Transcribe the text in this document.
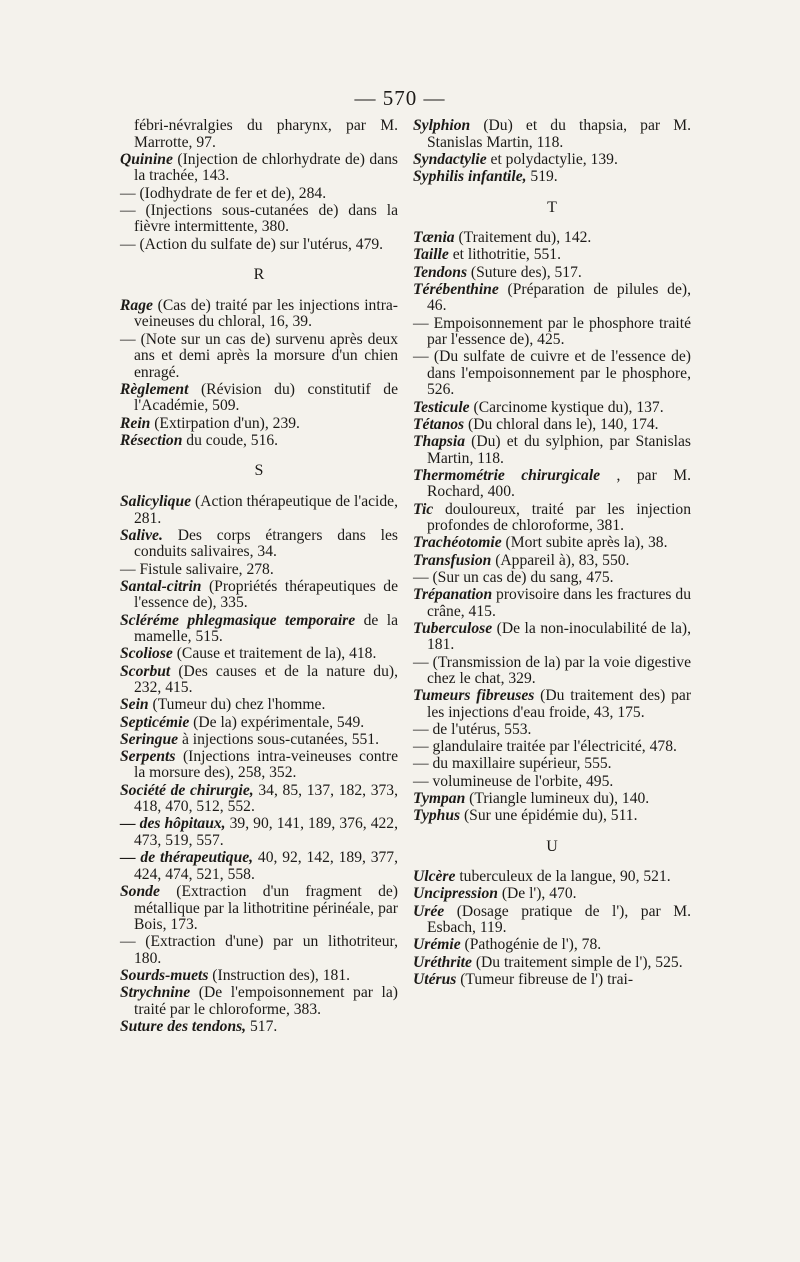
— 570 —
fébri-névralgies du pharynx, par M. Marrotte, 97.
Quinine (Injection de chlorhydrate de) dans la trachée, 143.
— (Iodhydrate de fer et de), 284.
— (Injections sous-cutanées de) dans la fièvre intermittente, 380.
— (Action du sulfate de) sur l'utérus, 479.
R
Rage (Cas de) traité par les injections intra-veineuses du chloral, 16, 39.
— (Note sur un cas de) survenu après deux ans et demi après la morsure d'un chien enragé.
Règlement (Révision du) constitutif de l'Académie, 509.
Rein (Extirpation d'un), 239.
Résection du coude, 516.
S
Salicylique (Action thérapeutique de l'acide, 281.
Salive. Des corps étrangers dans les conduits salivaires, 34.
— Fistule salivaire, 278.
Santal-citrin (Propriétés thérapeutiques de l'essence de), 335.
Scléréme phlegmasique temporaire de la mamelle, 515.
Scoliose (Cause et traitement de la), 418.
Scorbut (Des causes et de la nature du), 232, 415.
Sein (Tumeur du) chez l'homme.
Septicémie (De la) expérimentale, 549.
Seringue à injections sous-cutanées, 551.
Serpents (Injections intra-veineuses contre la morsure des), 258, 352.
Société de chirurgie, 34, 85, 137, 182, 373, 418, 470, 512, 552.
— des hôpitaux, 39, 90, 141, 189, 376, 422, 473, 519, 557.
— de thérapeutique, 40, 92, 142, 189, 377, 424, 474, 521, 558.
Sonde (Extraction d'un fragment de) métallique par la lithotritine périnéale, par Bois, 173.
— (Extraction d'une) par un lithotriteur, 180.
Sourds-muets (Instruction des), 181.
Strychnine (De l'empoisonnement par la) traité par le chloroforme, 383.
Suture des tendons, 517.
Sylphion (Du) et du thapsia, par M. Stanislas Martin, 118.
Syndactylie et polydactylie, 139.
Syphilis infantile, 519.
T
Tænia (Traitement du), 142.
Taille et lithotritie, 551.
Tendons (Suture des), 517.
Térébenthine (Préparation de pilules de), 46.
— Empoisonnement par le phosphore traité par l'essence de), 425.
— (Du sulfate de cuivre et de l'essence de) dans l'empoisonnement par le phosphore, 526.
Testicule (Carcinome kystique du), 137.
Tétanos (Du chloral dans le), 140, 174.
Thapsia (Du) et du sylphion, par Stanislas Martin, 118.
Thermométrie chirurgicale , par M. Rochard, 400.
Tic douloureux, traité par les injection profondes de chloroforme, 381.
Trachéotomie (Mort subite après la), 38.
Transfusion (Appareil à), 83, 550.
— (Sur un cas de) du sang, 475.
Trépanation provisoire dans les fractures du crâne, 415.
Tuberculose (De la non-inoculabilité de la), 181.
— (Transmission de la) par la voie digestive chez le chat, 329.
Tumeurs fibreuses (Du traitement des) par les injections d'eau froide, 43, 175.
— de l'utérus, 553.
— glandulaire traitée par l'électricité, 478.
— du maxillaire supérieur, 555.
— volumineuse de l'orbite, 495.
Tympan (Triangle lumineux du), 140.
Typhus (Sur une épidémie du), 511.
U
Ulcère tuberculeux de la langue, 90, 521.
Uncipression (De l'), 470.
Urée (Dosage pratique de l'), par M. Esbach, 119.
Urémie (Pathogénie de l'), 78.
Uréthrite (Du traitement simple de l'), 525.
Utérus (Tumeur fibreuse de l') trai-
